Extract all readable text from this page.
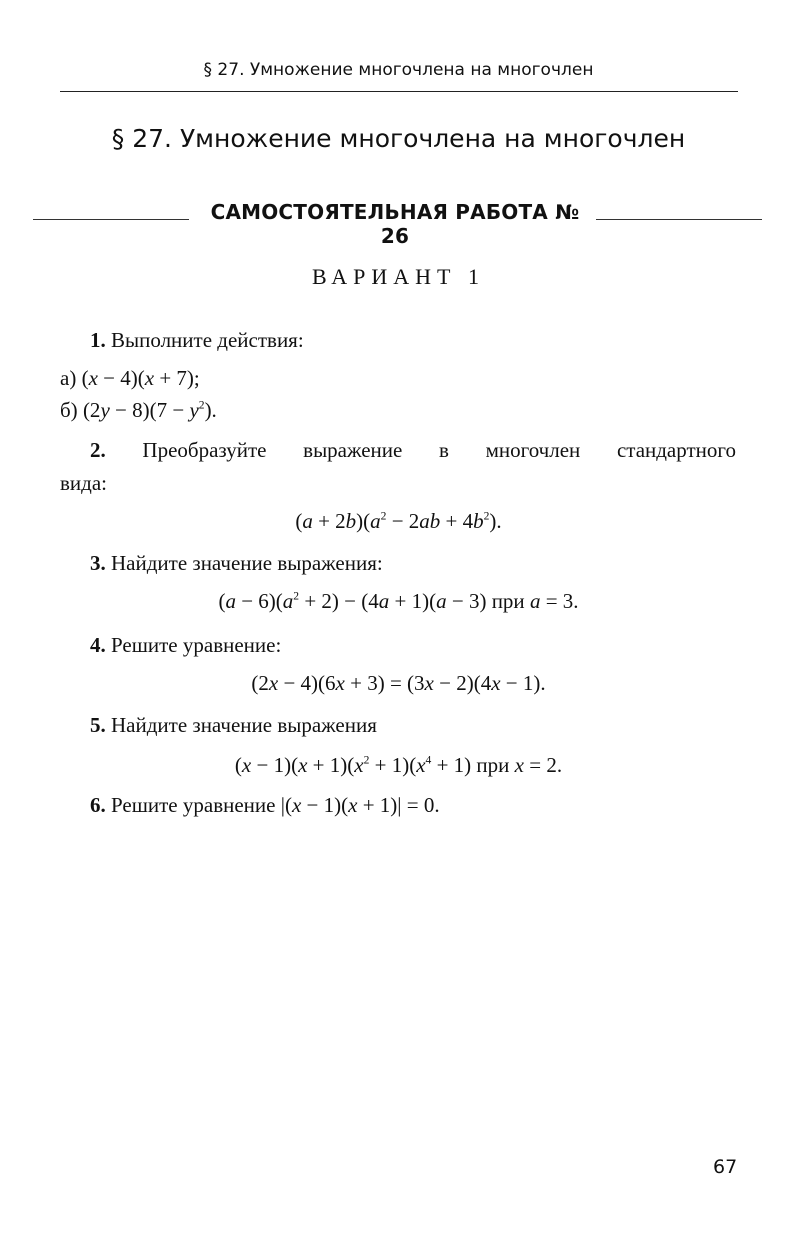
§ 27. Умножение многочлена на многочлен
§ 27. Умножение многочлена на многочлен
САМОСТОЯТЕЛЬНАЯ РАБОТА № 26
ВАРИАНТ 1
1. Выполните действия:
а) (x − 4)(x + 7);
б) $(2y - 8)(7 - y^2)$.
2. Преобразуйте выражение в многочлен стандартного
вида:
$(a + 2b)(a^2 - 2ab + 4b^2)$.
3. Найдите значение выражения:
$(a - 6)(a^2 + 2) - (4a + 1)(a - 3)$ при a = 3.
4. Решите уравнение:
(2x − 4)(6x + 3) = (3x − 2)(4x − 1).
5. Найдите значение выражения
$(x - 1)(x + 1)(x^2 + 1)(x^4 + 1)$ при x = 2.
6. Решите уравнение |(x − 1)(x + 1)| = 0.
67
